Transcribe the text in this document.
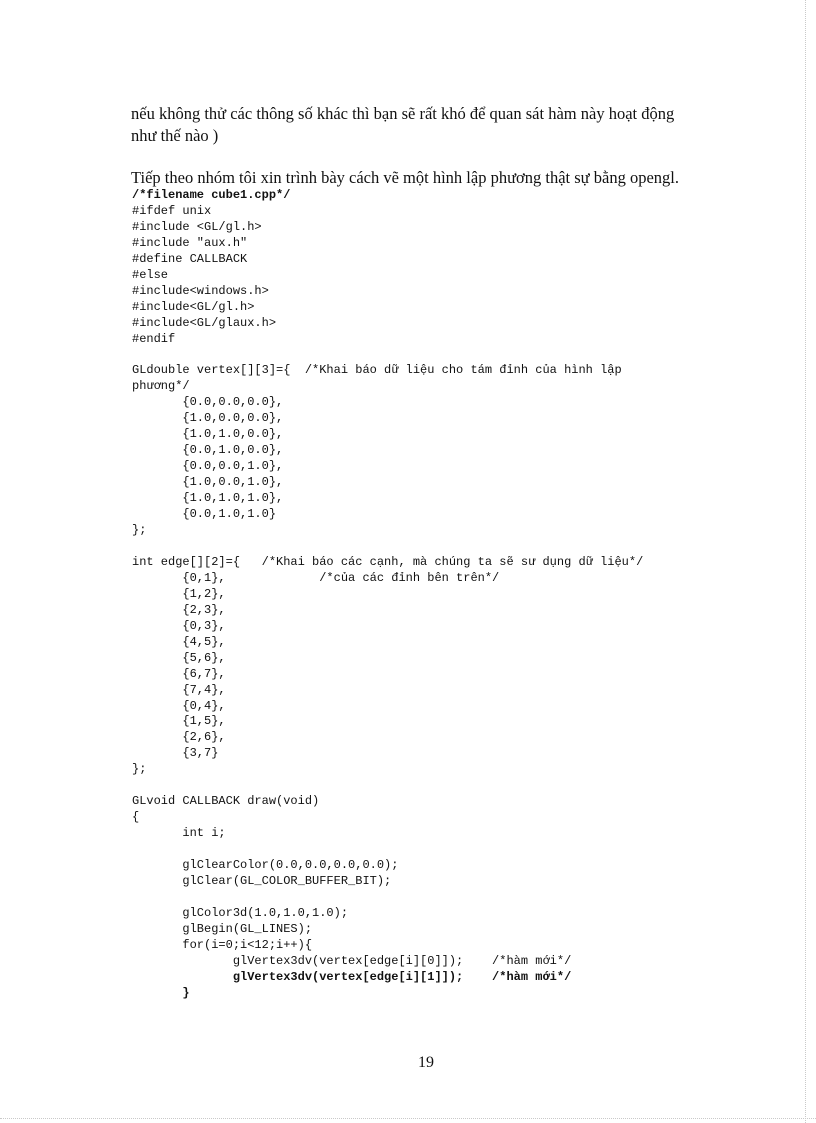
nếu không thử các thông số khác thì bạn sẽ rất khó để quan sát hàm này hoạt động
như thế nào )

Tiếp theo nhóm tôi xin trình bày cách vẽ một hình lập phương thật sự bằng opengl.

/*filename cube1.cpp*/
#ifdef unix
#include <GL/gl.h>
#include "aux.h"
#define CALLBACK
#else
#include<windows.h>
#include<GL/gl.h>
#include<GL/glaux.h>
#endif

GLdouble vertex[][3]={  /*Khai báo dữ liệu cho tám đỉnh của hình lập
phương*/
{0.0,0.0,0.0},
{1.0,0.0,0.0},
{1.0,1.0,0.0},
{0.0,1.0,0.0},
{0.0,0.0,1.0},
{1.0,0.0,1.0},
{1.0,1.0,1.0},
{0.0,1.0,1.0}
};

int edge[][2]={   /*Khai báo các cạnh, mà chúng ta sẽ sư dụng dữ liệu*/
{0,1},             /*của các đỉnh bên trên*/
{1,2},
{2,3},
{0,3},
{4,5},
{5,6},
{6,7},
{7,4},
{0,4},
{1,5},
{2,6},
{3,7}
};

GLvoid CALLBACK draw(void)
{
int i;

glClearColor(0.0,0.0,0.0,0.0);
glClear(GL_COLOR_BUFFER_BIT);

glColor3d(1.0,1.0,1.0);
glBegin(GL_LINES);
for(i=0;i<12;i++){
glVertex3dv(vertex[edge[i][0]]);    /*hàm mới*/
glVertex3dv(vertex[edge[i][1]]);    /*hàm mới*/
}
19
